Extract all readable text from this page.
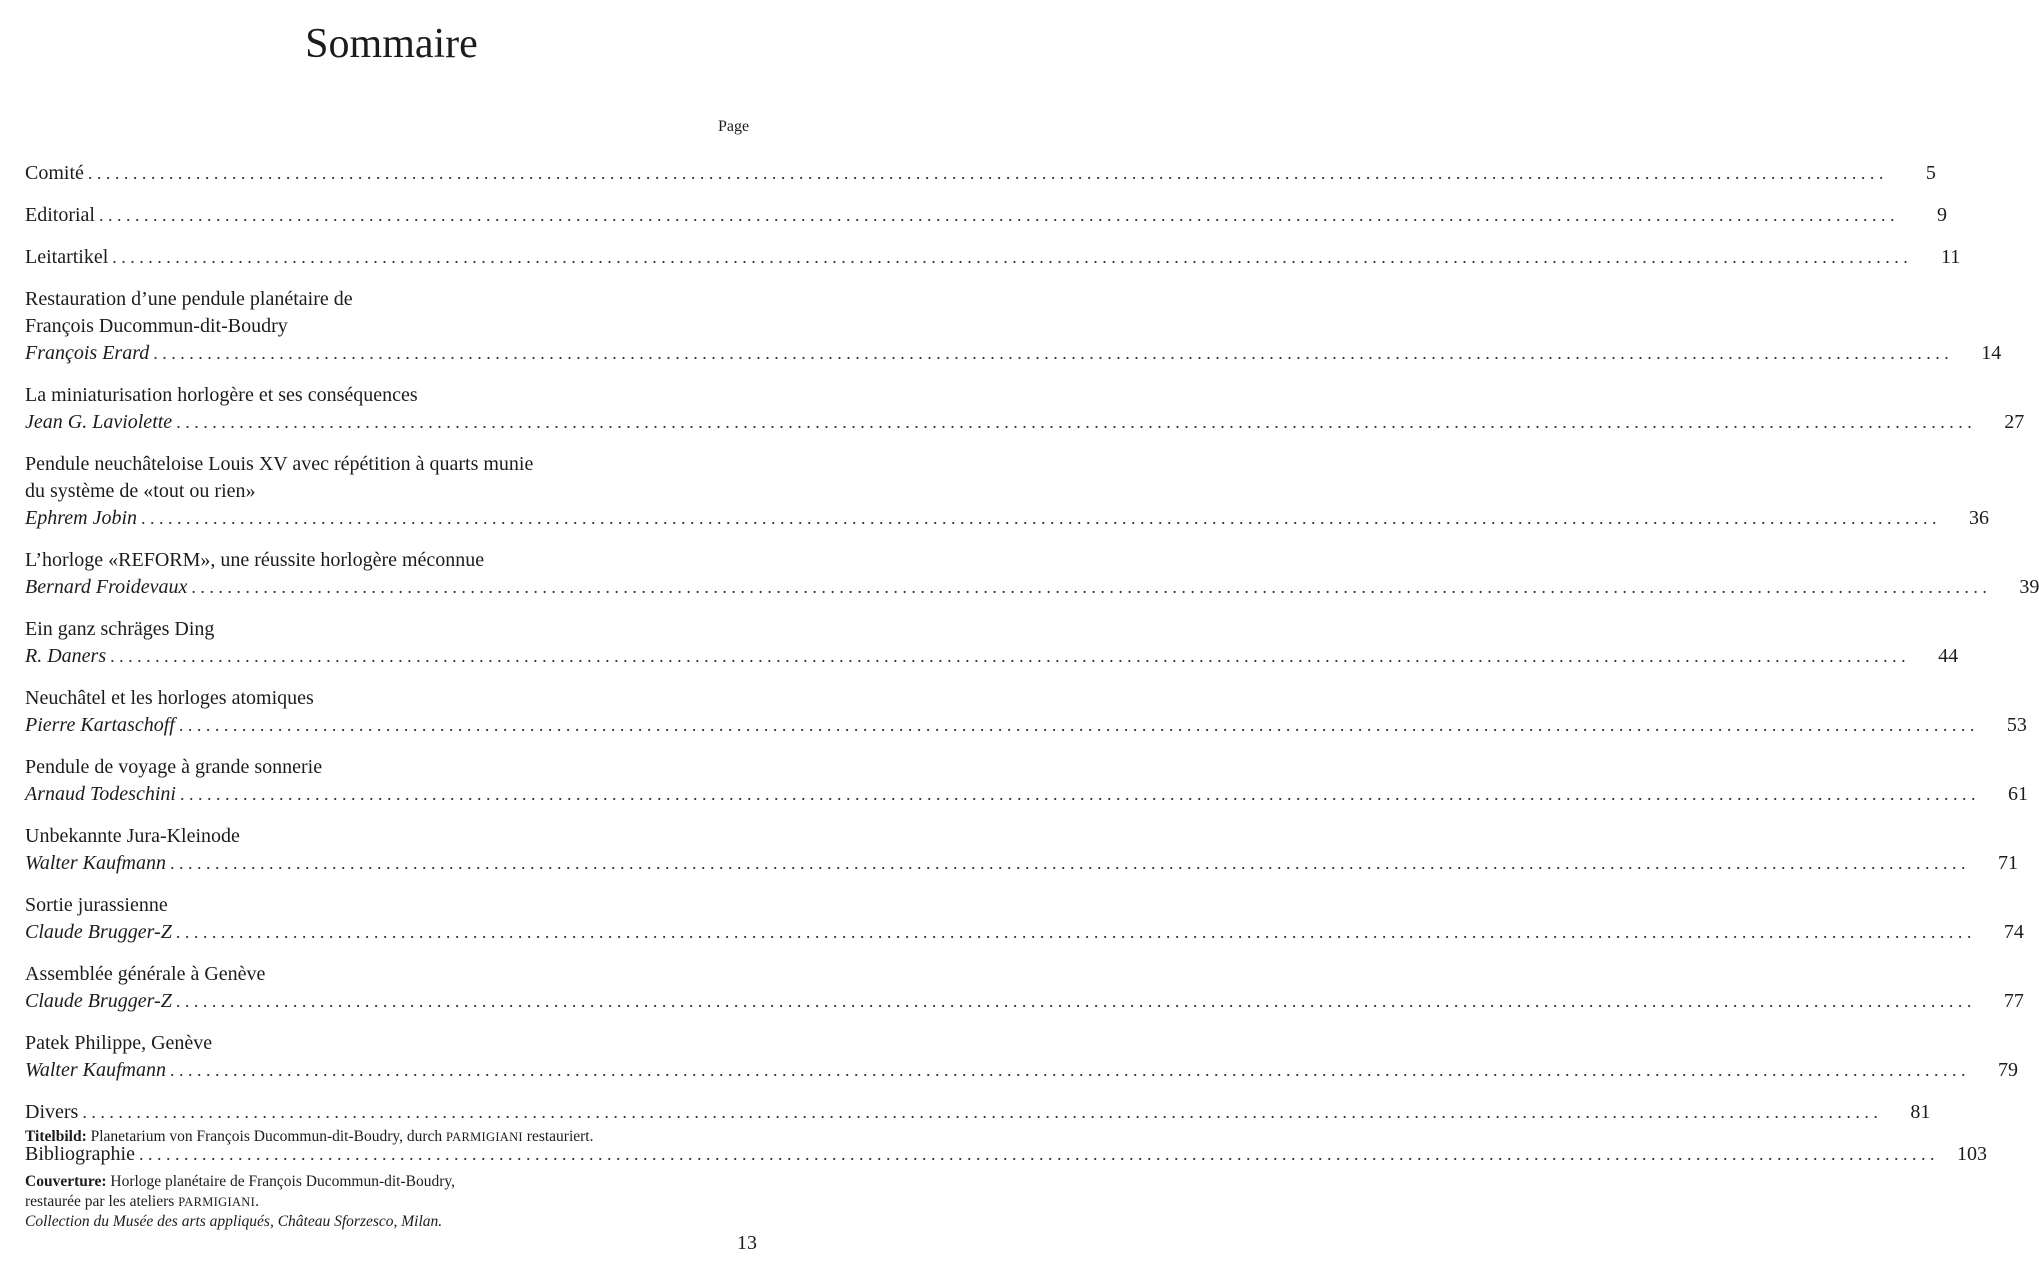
Sommaire
Page
Comité ........................................................................................................................................................................................................	5
Editorial ........................................................................................................................................................................................................	9
Leitartikel ........................................................................................................................................................................................................	11
Restauration d’une pendule planétaire de
François Ducommun-dit-Boudry
François Erard ........................................................................................................................................................................................................	14
La miniaturisation horlogère et ses conséquences
Jean G. Laviolette ........................................................................................................................................................................................................	27
Pendule neuchâteloise Louis XV avec répétition à quarts munie
du système de «tout ou rien»
Ephrem Jobin ........................................................................................................................................................................................................	36
L’horloge «REFORM», une réussite horlogère méconnue
Bernard Froidevaux ........................................................................................................................................................................................................	39
Ein ganz schräges Ding
R. Daners ........................................................................................................................................................................................................	44
Neuchâtel et les horloges atomiques
Pierre Kartaschoff ........................................................................................................................................................................................................	53
Pendule de voyage à grande sonnerie
Arnaud Todeschini ........................................................................................................................................................................................................	61
Unbekannte Jura-Kleinode
Walter Kaufmann ........................................................................................................................................................................................................	71
Sortie jurassienne
Claude Brugger-Z ........................................................................................................................................................................................................	74
Assemblée générale à Genève
Claude Brugger-Z ........................................................................................................................................................................................................	77
Patek Philippe, Genève
Walter Kaufmann ........................................................................................................................................................................................................	79
Divers ........................................................................................................................................................................................................	81
Bibliographie ........................................................................................................................................................................................................ 103
Titelbild: Planetarium von François Ducommun-dit-Boudry, durch PARMIGIANI restauriert.
Couverture: Horloge planétaire de François Ducommun-dit-Boudry,
restaurée par les ateliers PARMIGIANI.
Collection du Musée des arts appliqués, Château Sforzesco, Milan.
13
